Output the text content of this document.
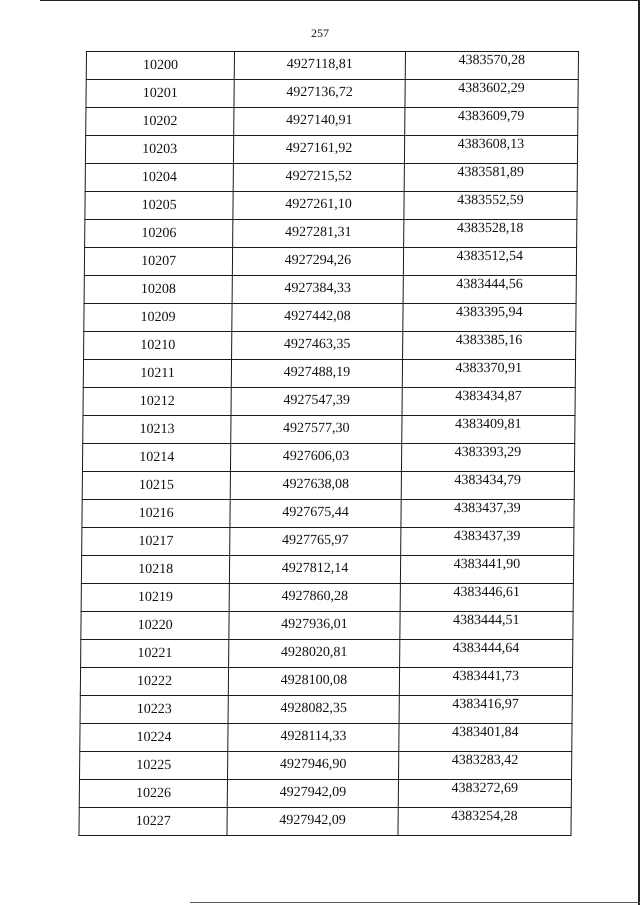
257
10200	4927118,81	4383570,28
10201	4927136,72	4383602,29
10202	4927140,91	4383609,79
10203	4927161,92	4383608,13
10204	4927215,52	4383581,89
10205	4927261,10	4383552,59
10206	4927281,31	4383528,18
10207	4927294,26	4383512,54
10208	4927384,33	4383444,56
10209	4927442,08	4383395,94
10210	4927463,35	4383385,16
10211	4927488,19	4383370,91
10212	4927547,39	4383434,87
10213	4927577,30	4383409,81
10214	4927606,03	4383393,29
10215	4927638,08	4383434,79
10216	4927675,44	4383437,39
10217	4927765,97	4383437,39
10218	4927812,14	4383441,90
10219	4927860,28	4383446,61
10220	4927936,01	4383444,51
10221	4928020,81	4383444,64
10222	4928100,08	4383441,73
10223	4928082,35	4383416,97
10224	4928114,33	4383401,84
10225	4927946,90	4383283,42
10226	4927942,09	4383272,69
10227	4927942,09	4383254,28
